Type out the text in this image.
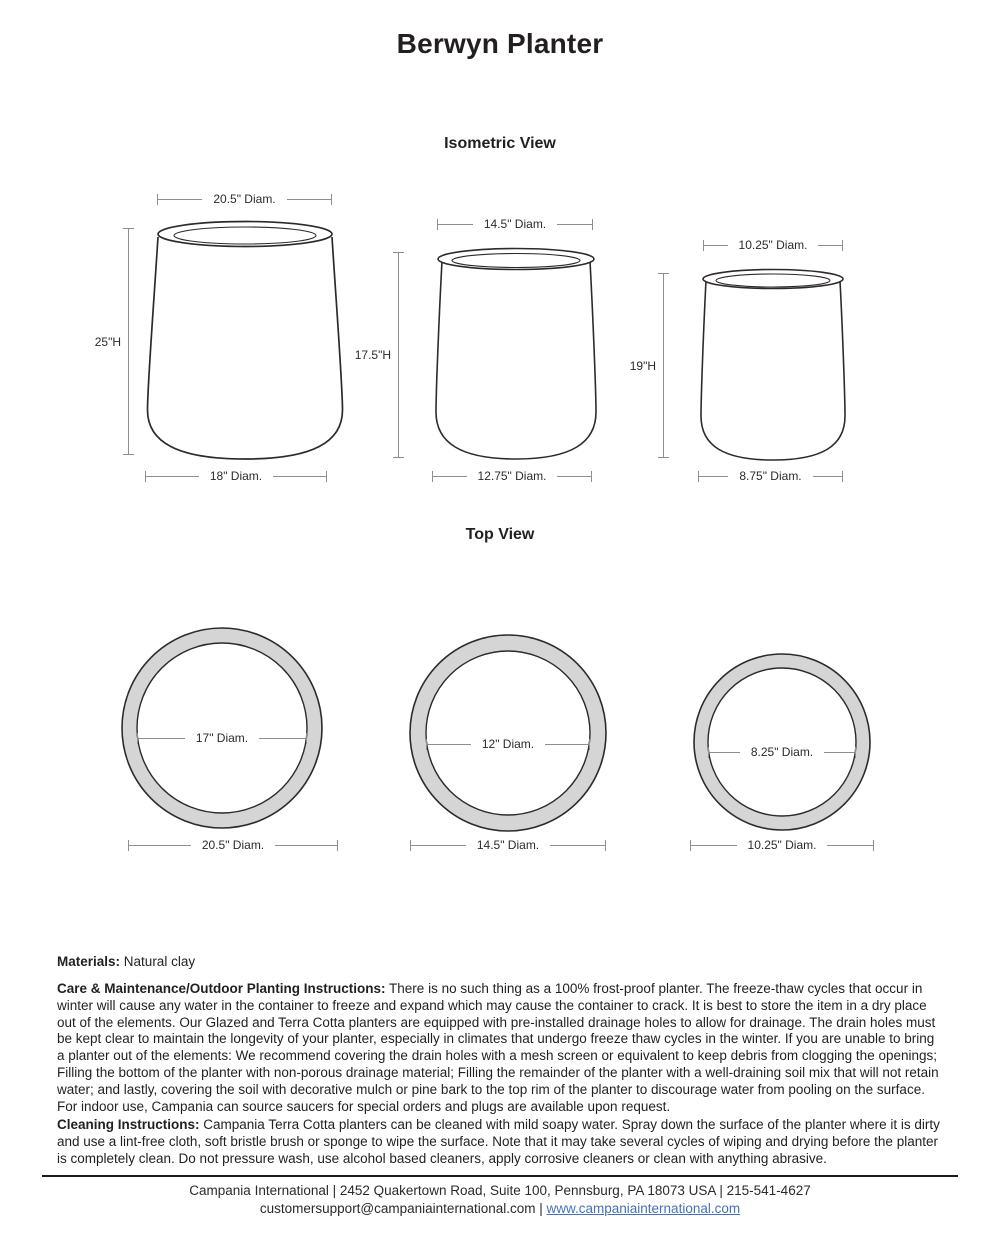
Berwyn Planter
Isometric View
20.5" Diam.
25"H
18" Diam.
14.5" Diam.
17.5"H
12.75" Diam.
10.25" Diam.
19"H
8.75" Diam.
Top View
17" Diam.
20.5" Diam.
12" Diam.
14.5" Diam.
8.25" Diam.
10.25" Diam.
Materials: Natural clay
Care & Maintenance/Outdoor Planting Instructions: There is no such thing as a 100% frost-proof planter. The freeze-thaw cycles that occur in winter will cause any water in the container to freeze and expand which may cause the container to crack. It is best to store the item in a dry place out of the elements. Our Glazed and Terra Cotta planters are equipped with pre-installed drainage holes to allow for drainage. The drain holes must be kept clear to maintain the longevity of your planter, especially in climates that undergo freeze thaw cycles in the winter. If you are unable to bring a planter out of the elements: We recommend covering the drain holes with a mesh screen or equivalent to keep debris from clogging the openings; Filling the bottom of the planter with non-porous drainage material; Filling the remainder of the planter with a well-draining soil mix that will not retain water; and lastly, covering the soil with decorative mulch or pine bark to the top rim of the planter to discourage water from pooling on the surface. For indoor use, Campania can source saucers for special orders and plugs are available upon request.
Cleaning Instructions: Campania Terra Cotta planters can be cleaned with mild soapy water. Spray down the surface of the planter where it is dirty and use a lint-free cloth, soft bristle brush or sponge to wipe the surface. Note that it may take several cycles of wiping and drying before the planter is completely clean. Do not pressure wash, use alcohol based cleaners, apply corrosive cleaners or clean with anything abrasive.
Campania International | 2452 Quakertown Road, Suite 100, Pennsburg, PA 18073 USA | 215-541-4627
customersupport@campaniainternational.com | www.campaniainternational.com
